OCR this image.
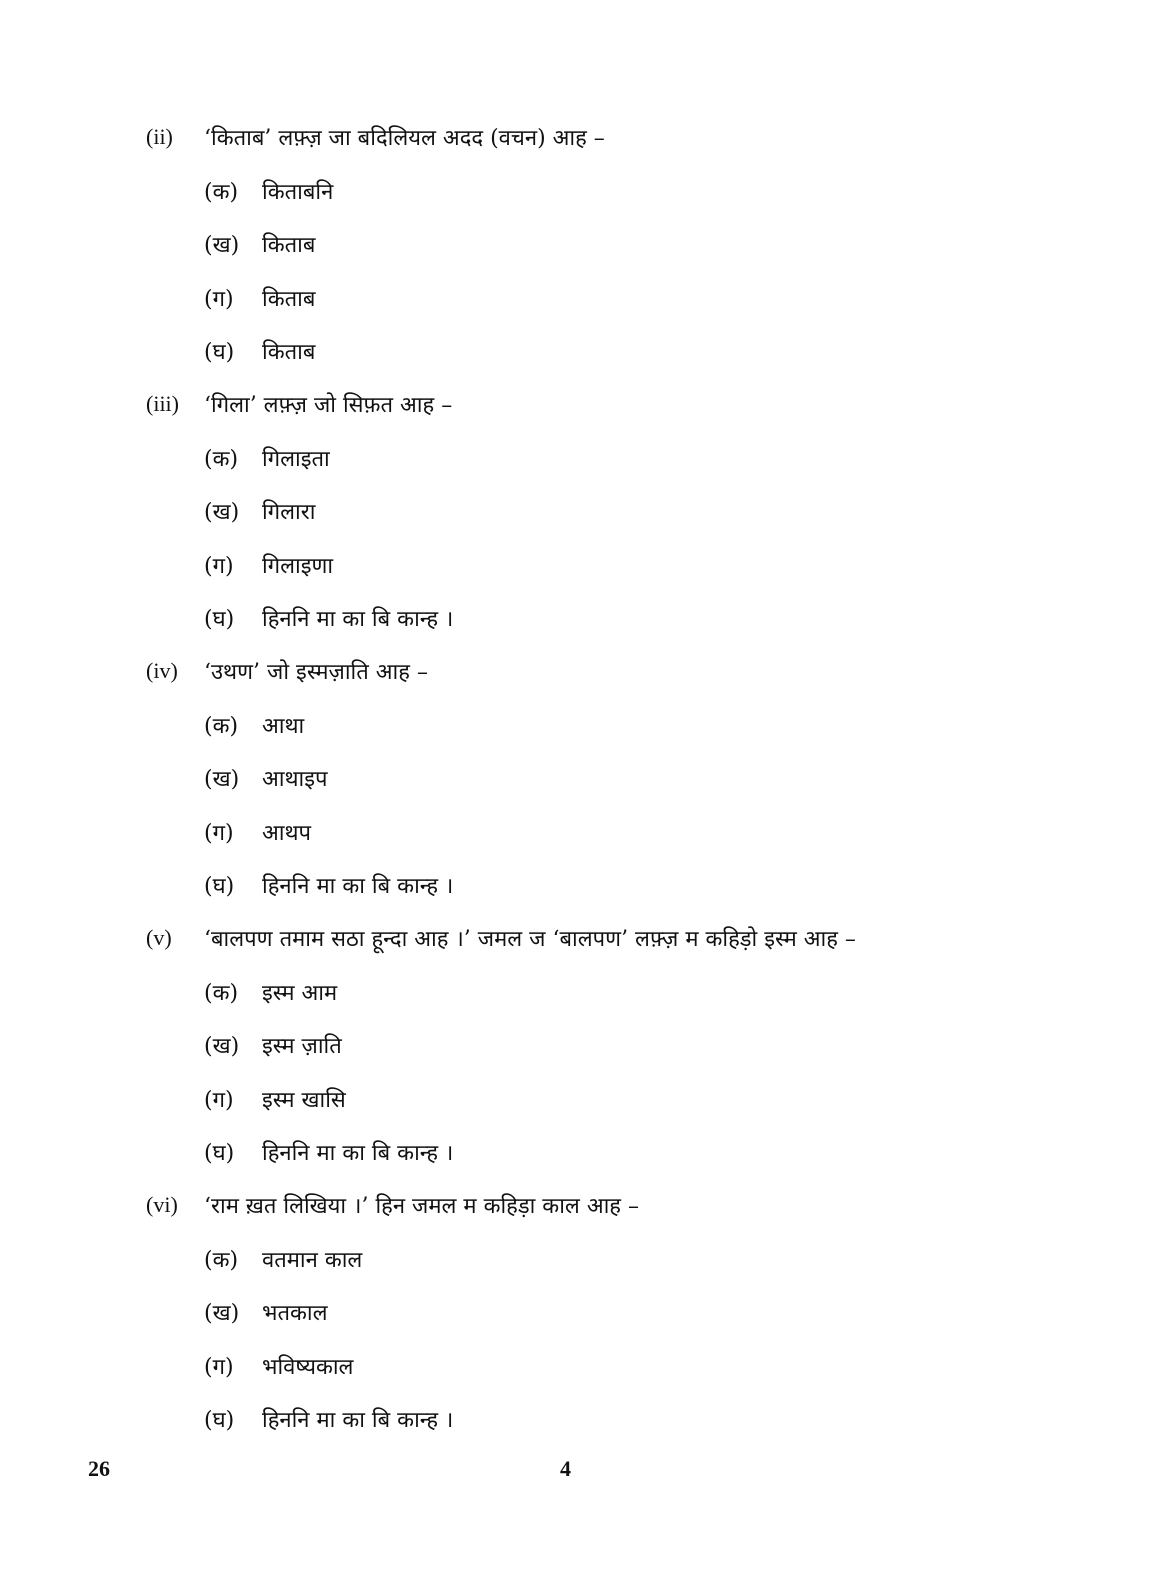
(ii) ‘किताब’ लफ़्ज़ जा बदिलियल अदद (वचन) आह –
(क) किताबनि
(ख) किताब
(ग) किताब
(घ) किताब
(iii) ‘गिला’ लफ़्ज़ जो सिफ़त आह –
(क) गिलाइता
(ख) गिलारा
(ग) गिलाइणा
(घ) हिननि मा का बि कान्ह ।
(iv) ‘उथण’ जो इस्मज़ाति आह –
(क) आथा
(ख) आथाइप
(ग) आथप
(घ) हिननि मा का बि कान्ह ।
(v) ‘बालपण तमाम सठा हून्दा आह ।’ जमल ज ‘बालपण’ लफ़्ज़ म कहिड़ो इस्म आह –
(क) इस्म आम
(ख) इस्म ज़ाति
(ग) इस्म खासि
(घ) हिननि मा का बि कान्ह ।
(vi) ‘राम ख़त लिखिया ।’ हिन जमल म कहिड़ा काल आह –
(क) वतमान काल
(ख) भतकाल
(ग) भविष्यकाल
(घ) हिननि मा का बि कान्ह ।
26	4
